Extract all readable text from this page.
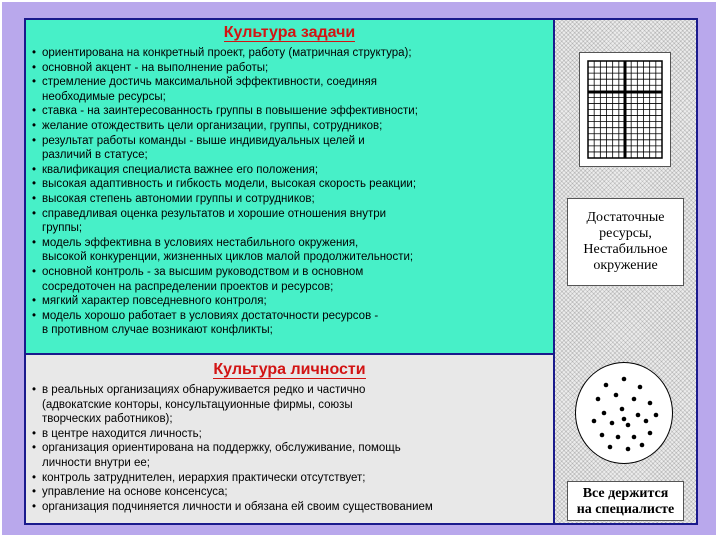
Культура задачи
• ориентирована на конкретный проект, работу (матричная структура);
• основной акцент - на выполнение работы;
• стремление достичь максимальной эффективности, соединяя
необходимые ресурсы;
• ставка - на заинтересованность группы в повышение эффективности;
• желание отождествить цели организации, группы, сотрудников;
• результат работы команды - выше индивидуальных целей и
различий в статусе;
• квалификация специалиста важнее его положения;
• высокая адаптивность и гибкость модели, высокая скорость реакции;
• высокая степень автономии группы и сотрудников;
• справедливая оценка результатов и хорошие отношения внутри
группы;
• модель эффективна в условиях нестабильного окружения,
высокой конкуренции, жизненных циклов малой продолжительности;
• основной контроль - за высшим руководством и в основном
сосредоточен на распределении проектов и ресурсов;
• мягкий характер повседневного контроля;
• модель хорошо работает в условиях достаточности ресурсов -
в противном случае возникают конфликты;
Культура личности
• в реальных организациях обнаруживается редко и частично
(адвокатские конторы, консультацуионные фирмы, союзы
творческих работников);
• в центре находится личность;
• организация ориентирована на поддержку, обслуживание, помощь
личности внутри ее;
• контроль затруднителен, иерархия практически отсутствует;
• управление на основе консенсуса;
• организация подчиняется личности и обязана ей своим существованием
Достаточные
ресурсы,
Нестабильное
окружение
Все держится
на специалисте
